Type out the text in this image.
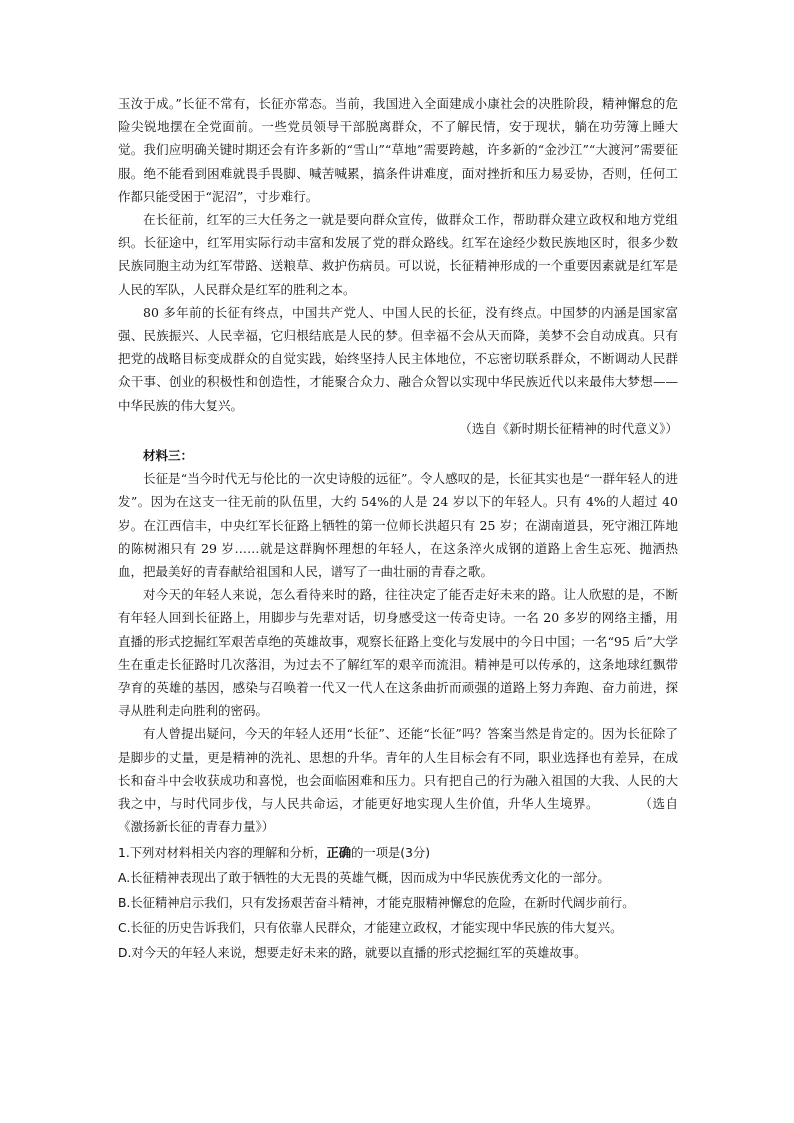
玉汝于成。”长征不常有，长征亦常态。当前，我国进入全面建成小康社会的决胜阶段，精神懈怠的危险尖锐地摆在全党面前。一些党员领导干部脱离群众，不了解民情，安于现状，躺在功劳簿上睡大觉。我们应明确关键时期还会有许多新的“雪山”“草地”需要跨越，许多新的“金沙江”“大渡河”需要征服。绝不能看到困难就畏手畏脚、喊苦喊累，搞条件讲难度，面对挫折和压力易妥协，否则，任何工作都只能受困于“泥沼”，寸步难行。

在长征前，红军的三大任务之一就是要向群众宣传，做群众工作，帮助群众建立政权和地方党组织。长征途中，红军用实际行动丰富和发展了党的群众路线。红军在途经少数民族地区时，很多少数民族同胞主动为红军带路、送粮草、救护伤病员。可以说，长征精神形成的一个重要因素就是红军是人民的军队，人民群众是红军的胜利之本。

80 多年前的长征有终点，中国共产党人、中国人民的长征，没有终点。中国梦的内涵是国家富强、民族振兴、人民幸福，它归根结底是人民的梦。但幸福不会从天而降，美梦不会自动成真。只有把党的战略目标变成群众的自觉实践，始终坚持人民主体地位，不忘密切联系群众，不断调动人民群众干事、创业的积极性和创造性，才能聚合众力、融合众智以实现中华民族近代以来最伟大梦想——中华民族的伟大复兴。

（选自《新时期长征精神的时代意义》）

材料三：

长征是“当今时代无与伦比的一次史诗般的远征”。令人感叹的是，长征其实也是“一群年轻人的进发”。因为在这支一往无前的队伍里，大约 54%的人是 24 岁以下的年轻人。只有 4%的人超过 40 岁。在江西信丰，中央红军长征路上牺牲的第一位师长洪超只有 25 岁；在湖南道县，死守湘江阵地的陈树湘只有 29 岁……就是这群胸怀理想的年轻人，在这条淬火成钢的道路上舍生忘死、抛洒热血，把最美好的青春献给祖国和人民，谱写了一曲壮丽的青春之歌。

对今天的年轻人来说，怎么看待来时的路，往往决定了能否走好未来的路。让人欣慰的是，不断有年轻人回到长征路上，用脚步与先辈对话，切身感受这一传奇史诗。一名 20 多岁的网络主播，用直播的形式挖掘红军艰苦卓绝的英雄故事，观察长征路上变化与发展中的今日中国；一名“95 后”大学生在重走长征路时几次落泪，为过去不了解红军的艰辛而流泪。精神是可以传承的，这条地球红飘带孕育的英雄的基因，感染与召唤着一代又一代人在这条曲折而顽强的道路上努力奔跑、奋力前进，探寻从胜利走向胜利的密码。

有人曾提出疑问，今天的年轻人还用“长征”、还能“长征”吗？答案当然是肯定的。因为长征除了是脚步的丈量，更是精神的洗礼、思想的升华。青年的人生目标会有不同，职业选择也有差异，在成长和奋斗中会收获成功和喜悦，也会面临困难和压力。只有把自己的行为融入祖国的大我、人民的大我之中，与时代同步伐，与人民共命运，才能更好地实现人生价值，升华人生境界。	（选自《激扬新长征的青春力量》）

1.下列对材料相关内容的理解和分析，正确的一项是(3分)

A.长征精神表现出了敢于牺牲的大无畏的英雄气概，因而成为中华民族优秀文化的一部分。

B.长征精神启示我们，只有发扬艰苦奋斗精神，才能克服精神懈怠的危险，在新时代阔步前行。

C.长征的历史告诉我们，只有依靠人民群众，才能建立政权，才能实现中华民族的伟大复兴。

D.对今天的年轻人来说，想要走好未来的路，就要以直播的形式挖掘红军的英雄故事。
